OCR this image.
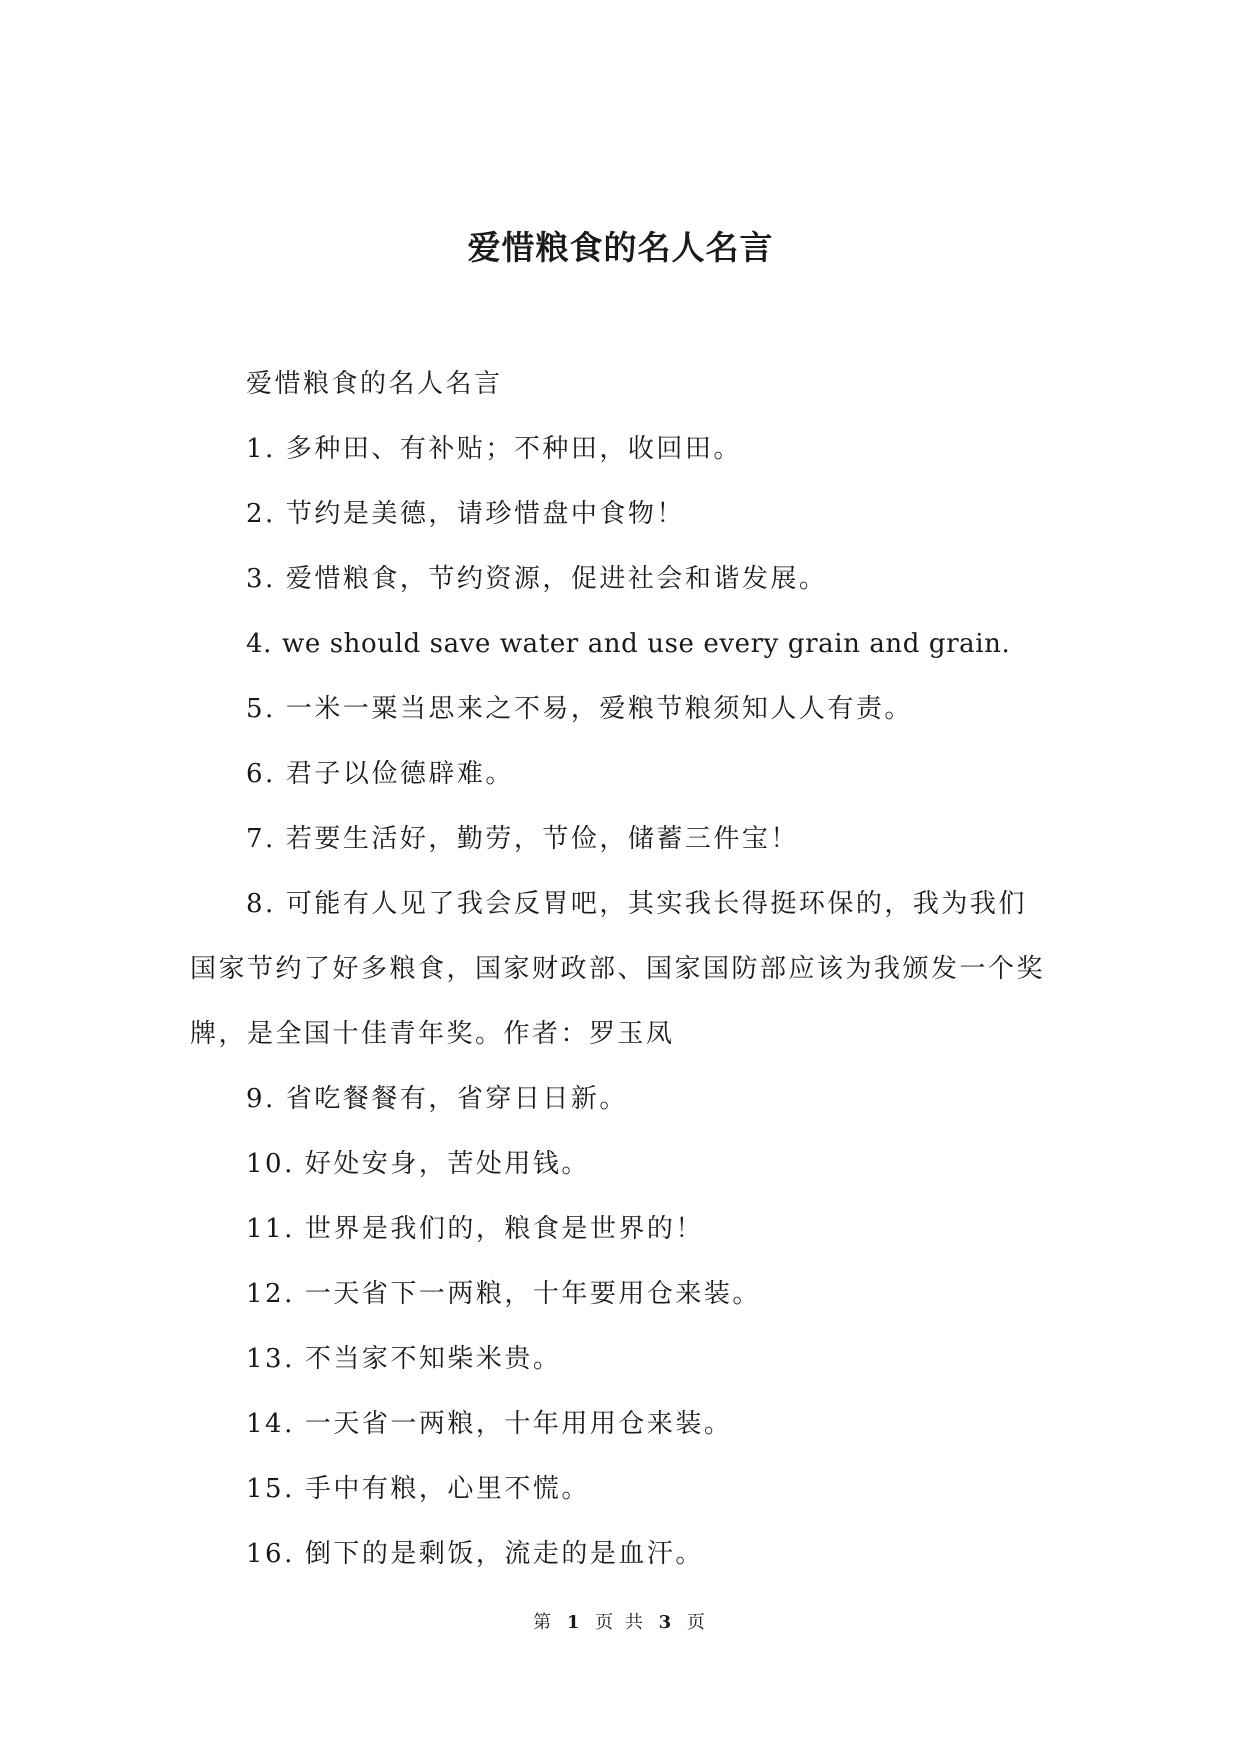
爱惜粮食的名人名言

爱惜粮食的名人名言

1. 多种田、有补贴；不种田，收回田。

2. 节约是美德，请珍惜盘中食物！

3. 爱惜粮食，节约资源，促进社会和谐发展。

4. we should save water and use every grain and grain.

5. 一米一粟当思来之不易，爱粮节粮须知人人有责。

6. 君子以俭德辟难。

7. 若要生活好，勤劳，节俭，储蓄三件宝！

8. 可能有人见了我会反胃吧，其实我长得挺环保的，我为我们国家节约了好多粮食，国家财政部、国家国防部应该为我颁发一个奖牌，是全国十佳青年奖。作者：罗玉凤

9. 省吃餐餐有，省穿日日新。

10. 好处安身，苦处用钱。

11. 世界是我们的，粮食是世界的！

12. 一天省下一两粮，十年要用仓来装。

13. 不当家不知柴米贵。

14. 一天省一两粮，十年用用仓来装。

15. 手中有粮，心里不慌。

16. 倒下的是剩饭，流走的是血汗。

第 1 页 共 3 页
